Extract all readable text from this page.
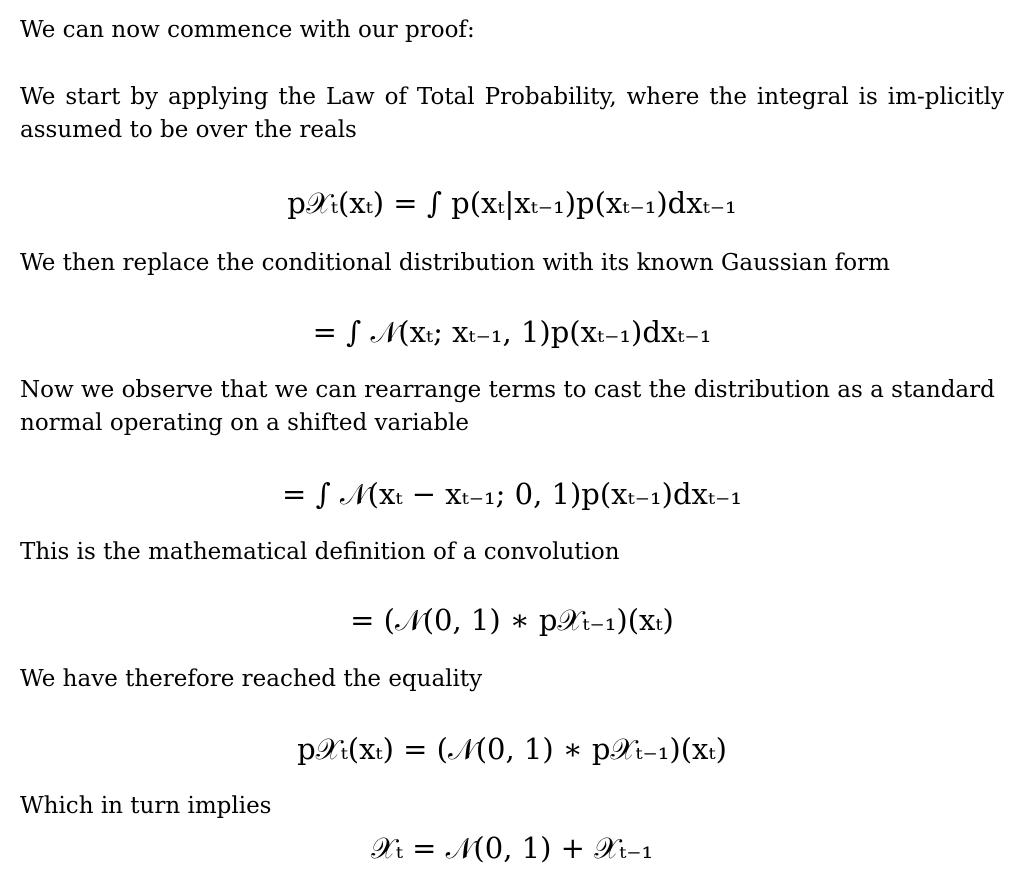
We can now commence with our proof:

We start by applying the Law of Total Probability, where the integral is im-plicitly assumed to be over the reals

p𝒳ₜ(xₜ) = ∫ p(xₜ|xₜ₋₁)p(xₜ₋₁)dxₜ₋₁

We then replace the conditional distribution with its known Gaussian form

= ∫ 𝒩(xₜ; xₜ₋₁, 1)p(xₜ₋₁)dxₜ₋₁

Now we observe that we can rearrange terms to cast the distribution as a standard normal operating on a shifted variable

= ∫ 𝒩(xₜ − xₜ₋₁; 0, 1)p(xₜ₋₁)dxₜ₋₁

This is the mathematical definition of a convolution

= (𝒩(0, 1) ∗ p𝒳ₜ₋₁)(xₜ)

We have therefore reached the equality

p𝒳ₜ(xₜ) = (𝒩(0, 1) ∗ p𝒳ₜ₋₁)(xₜ)

Which in turn implies

𝒳ₜ = 𝒩(0, 1) + 𝒳ₜ₋₁
